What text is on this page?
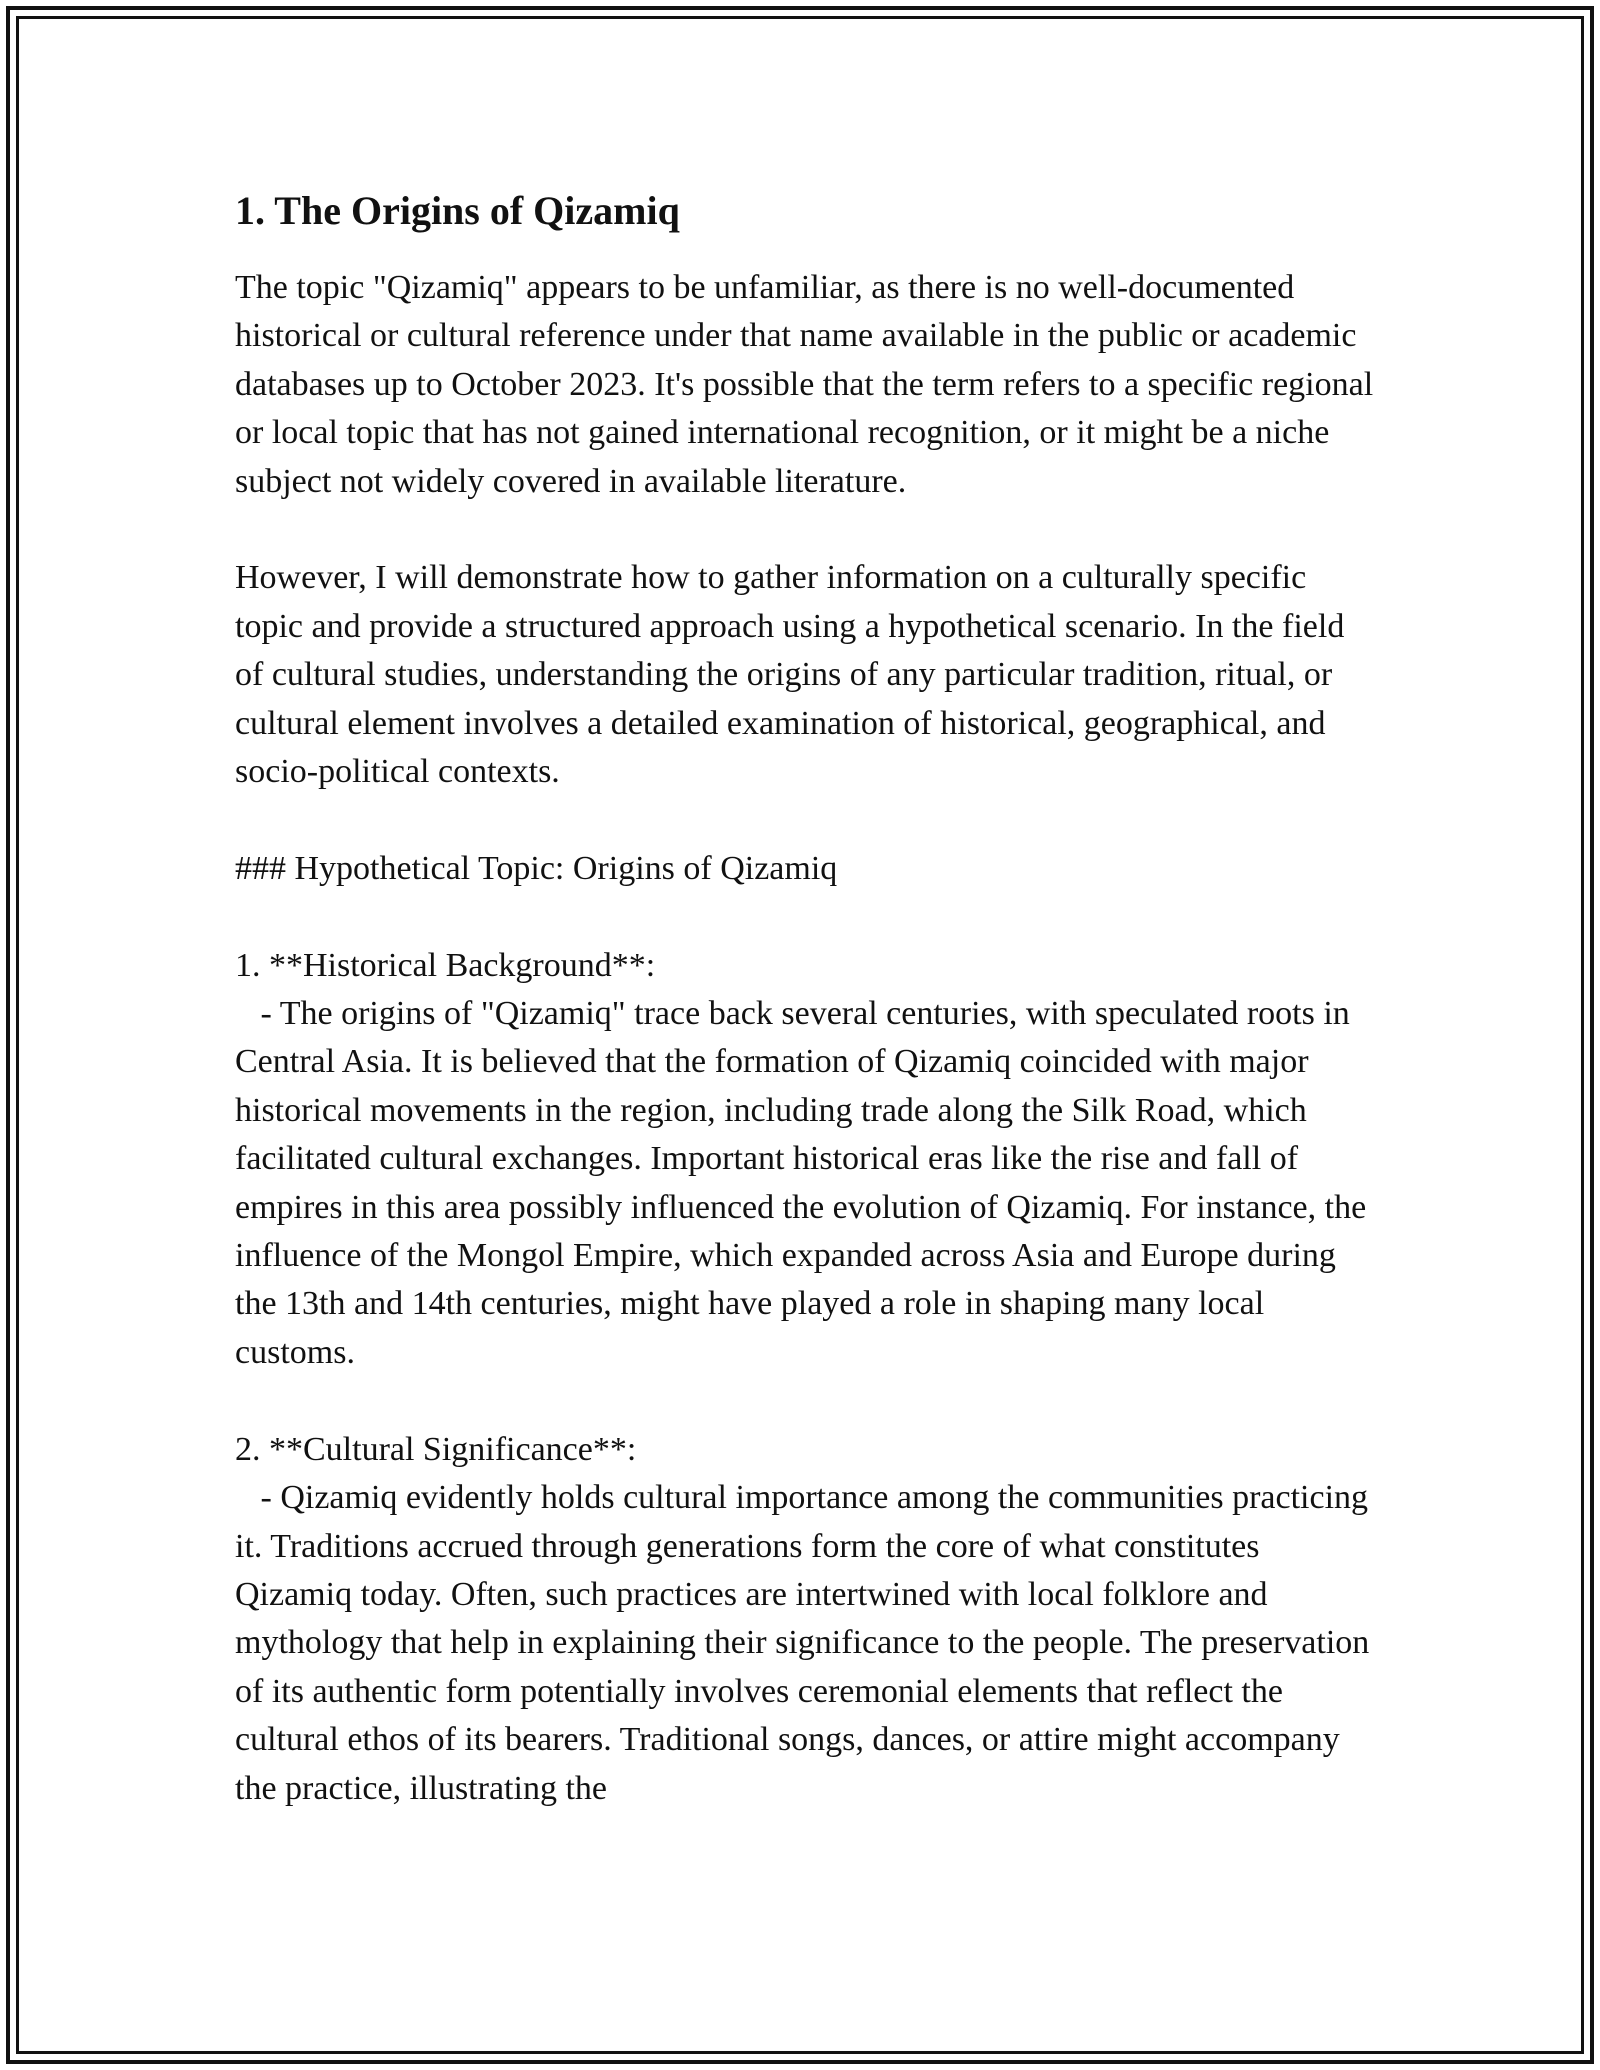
1. The Origins of Qizamiq

The topic "Qizamiq" appears to be unfamiliar, as there is no well-documented historical or cultural reference under that name available in the public or academic databases up to October 2023. It's possible that the term refers to a specific regional or local topic that has not gained international recognition, or it might be a niche subject not widely covered in available literature.

However, I will demonstrate how to gather information on a culturally specific topic and provide a structured approach using a hypothetical scenario. In the field of cultural studies, understanding the origins of any particular tradition, ritual, or cultural element involves a detailed examination of historical, geographical, and socio-political contexts.

### Hypothetical Topic: Origins of Qizamiq

1. **Historical Background**:
- The origins of "Qizamiq" trace back several centuries, with speculated roots in Central Asia. It is believed that the formation of Qizamiq coincided with major historical movements in the region, including trade along the Silk Road, which facilitated cultural exchanges. Important historical eras like the rise and fall of empires in this area possibly influenced the evolution of Qizamiq. For instance, the influence of the Mongol Empire, which expanded across Asia and Europe during the 13th and 14th centuries, might have played a role in shaping many local customs.

2. **Cultural Significance**:
- Qizamiq evidently holds cultural importance among the communities practicing it. Traditions accrued through generations form the core of what constitutes Qizamiq today. Often, such practices are intertwined with local folklore and mythology that help in explaining their significance to the people. The preservation of its authentic form potentially involves ceremonial elements that reflect the cultural ethos of its bearers. Traditional songs, dances, or attire might accompany the practice, illustrating the
